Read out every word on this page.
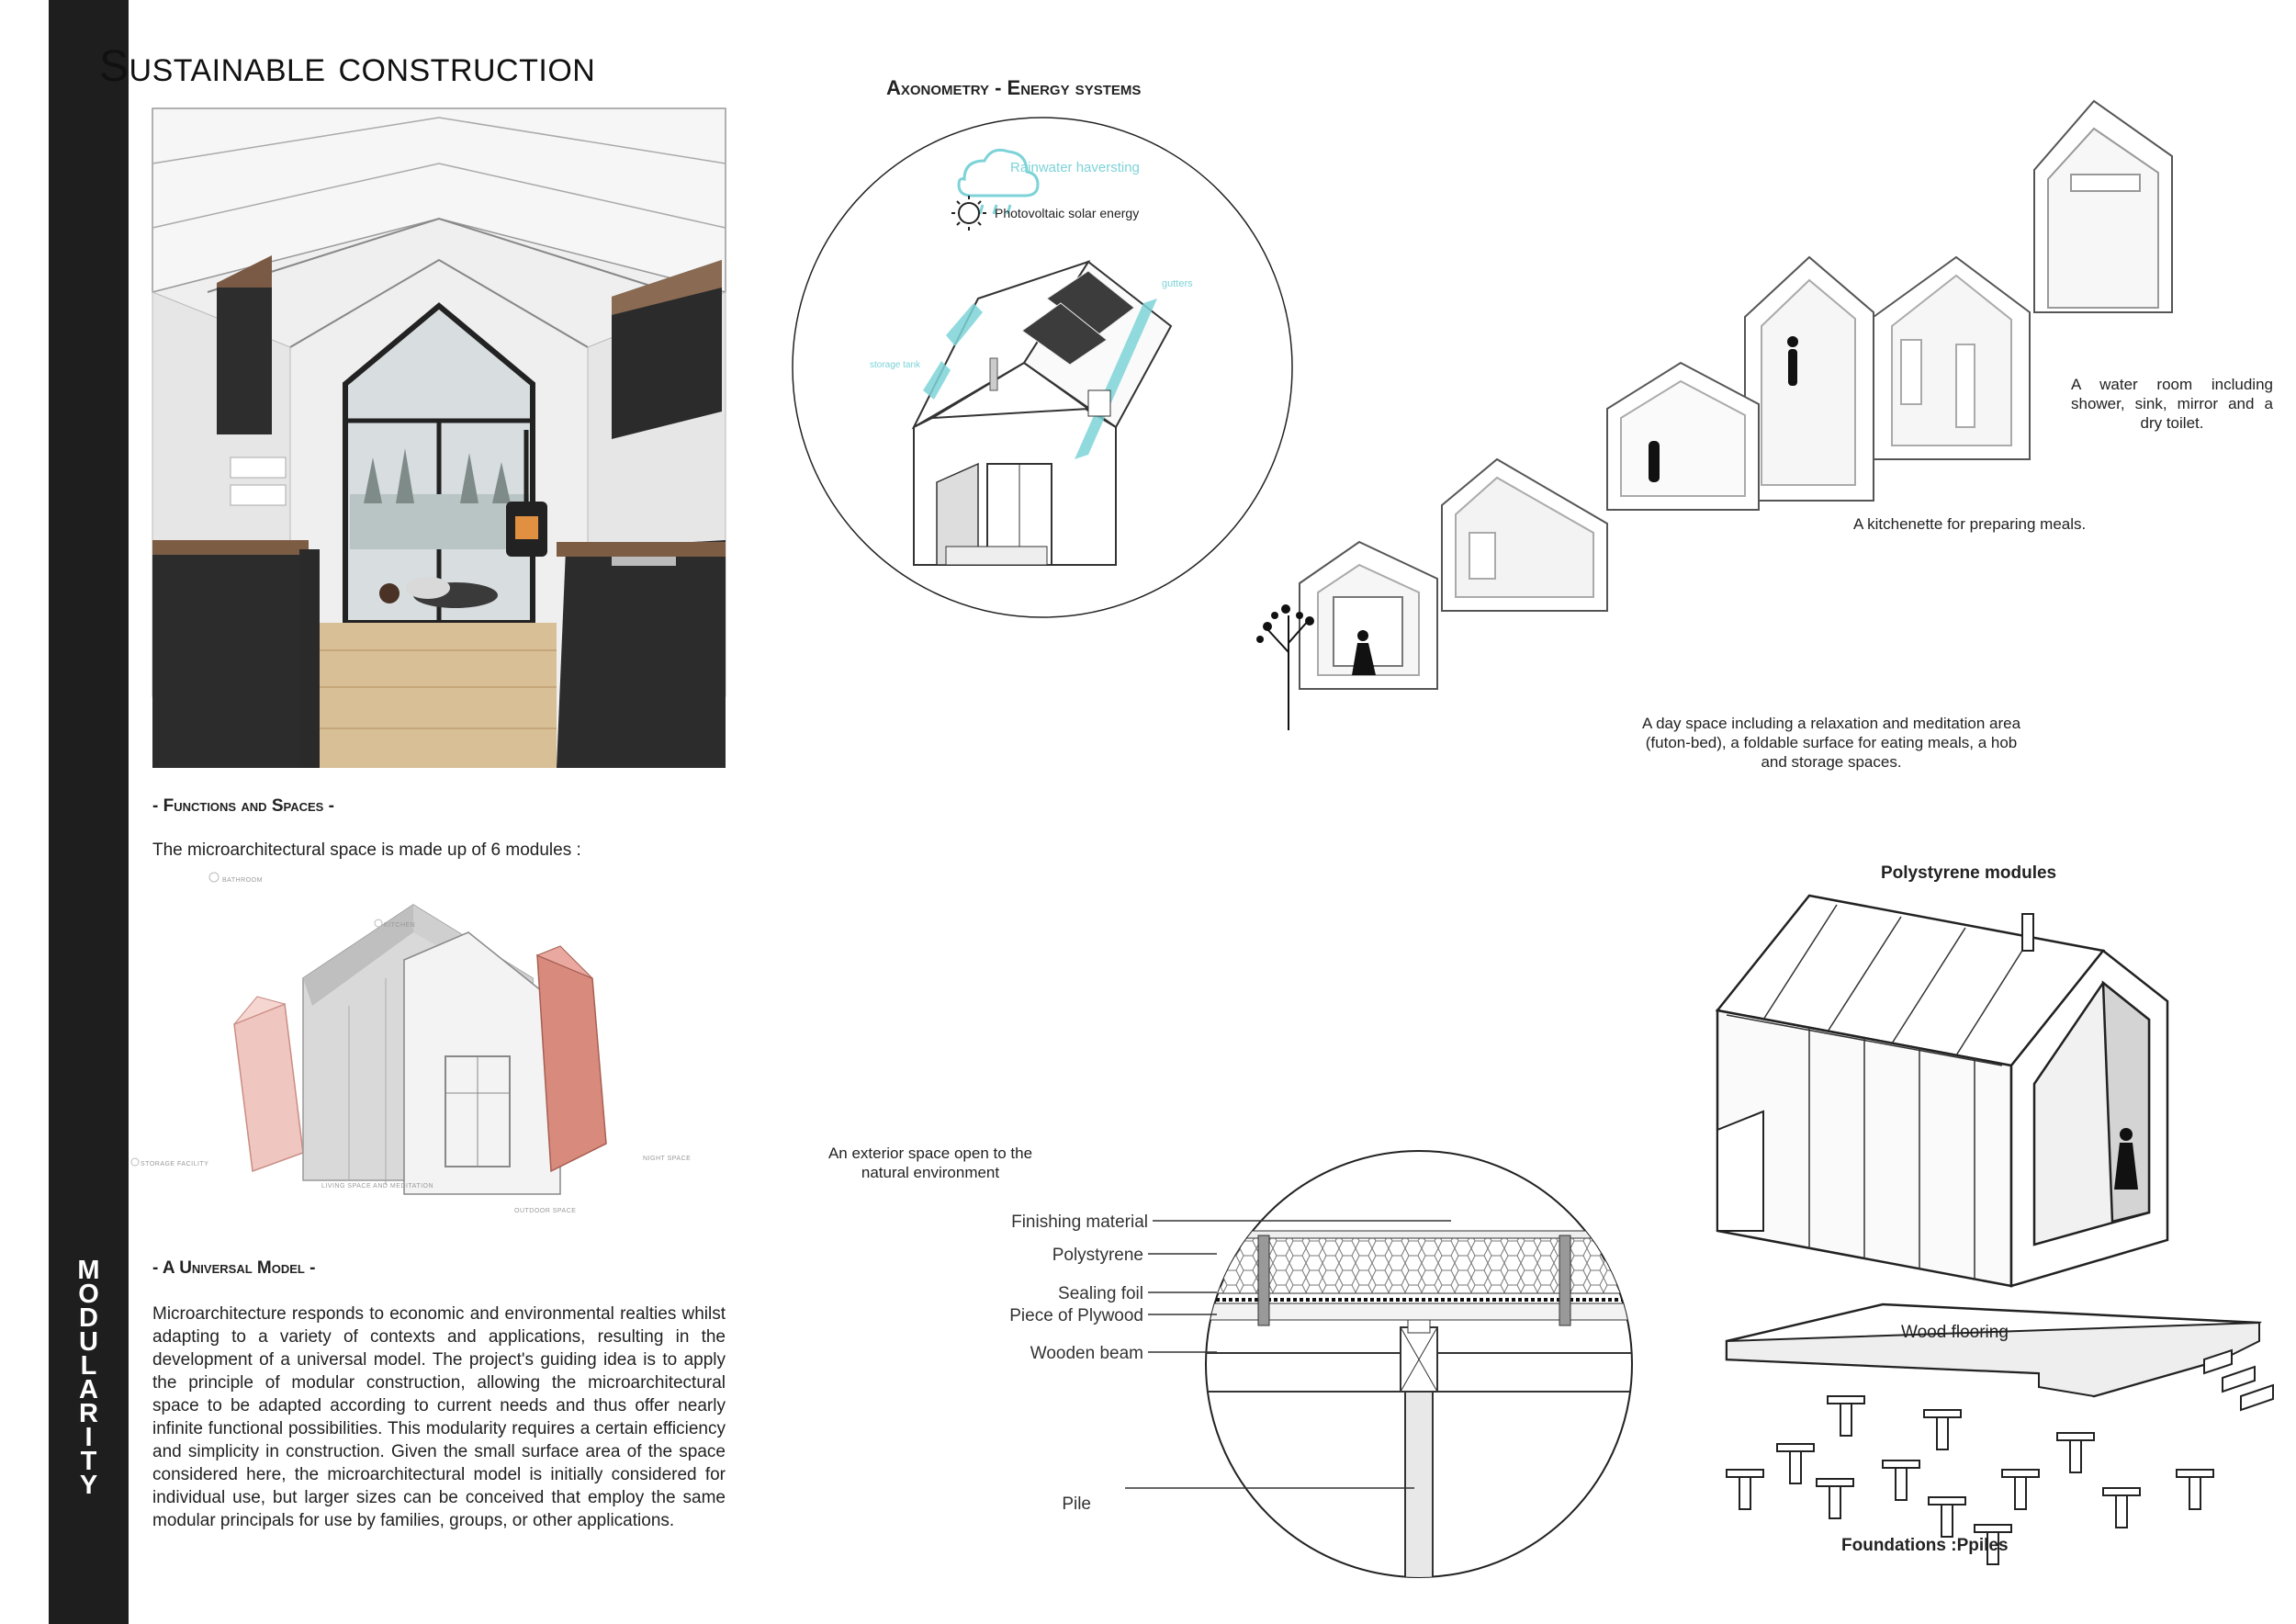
M
O
D
U
L
A
R
I
T
Y
Sustainable construction
- Functions and Spaces -
The microarchitectural space is made up of 6 modules :
BATHROOM
KITCHEN
STORAGE FACILITY
LIVING SPACE AND MEDITATION
OUTDOOR SPACE
NIGHT SPACE
- A Universal Model -
Microarchitecture responds to economic and environmental realties whilst adapting to a variety of contexts and applications, resulting in the development of a universal model. The project's guiding idea is to apply the principle of modular construction, allowing the microarchitectural space to be adapted according to current needs and thus offer nearly infinite functional possibilities. This modularity requires a certain efficiency and simplicity in construction. Given the small surface area of the space considered here, the microarchitectural model is initially considered for individual use, but larger sizes can be conceived that employ the same modular principals for use by families, groups, or other applications.
Axonometry - Energy systems
Rainwater haversting
Photovoltaic solar energy
gutters
storage tank
A water room including shower, sink, mirror and a dry toilet.
A kitchenette for preparing meals.
A day space including a relaxation and meditation area (futon-bed), a foldable surface for eating meals, a hob and storage spaces.
An exterior space open to the natural environment
Finishing material
Polystyrene
Sealing foil
Piece of Plywood
Wooden beam
Pile
Polystyrene modules
Wood flooring
Foundations :Ppiles
